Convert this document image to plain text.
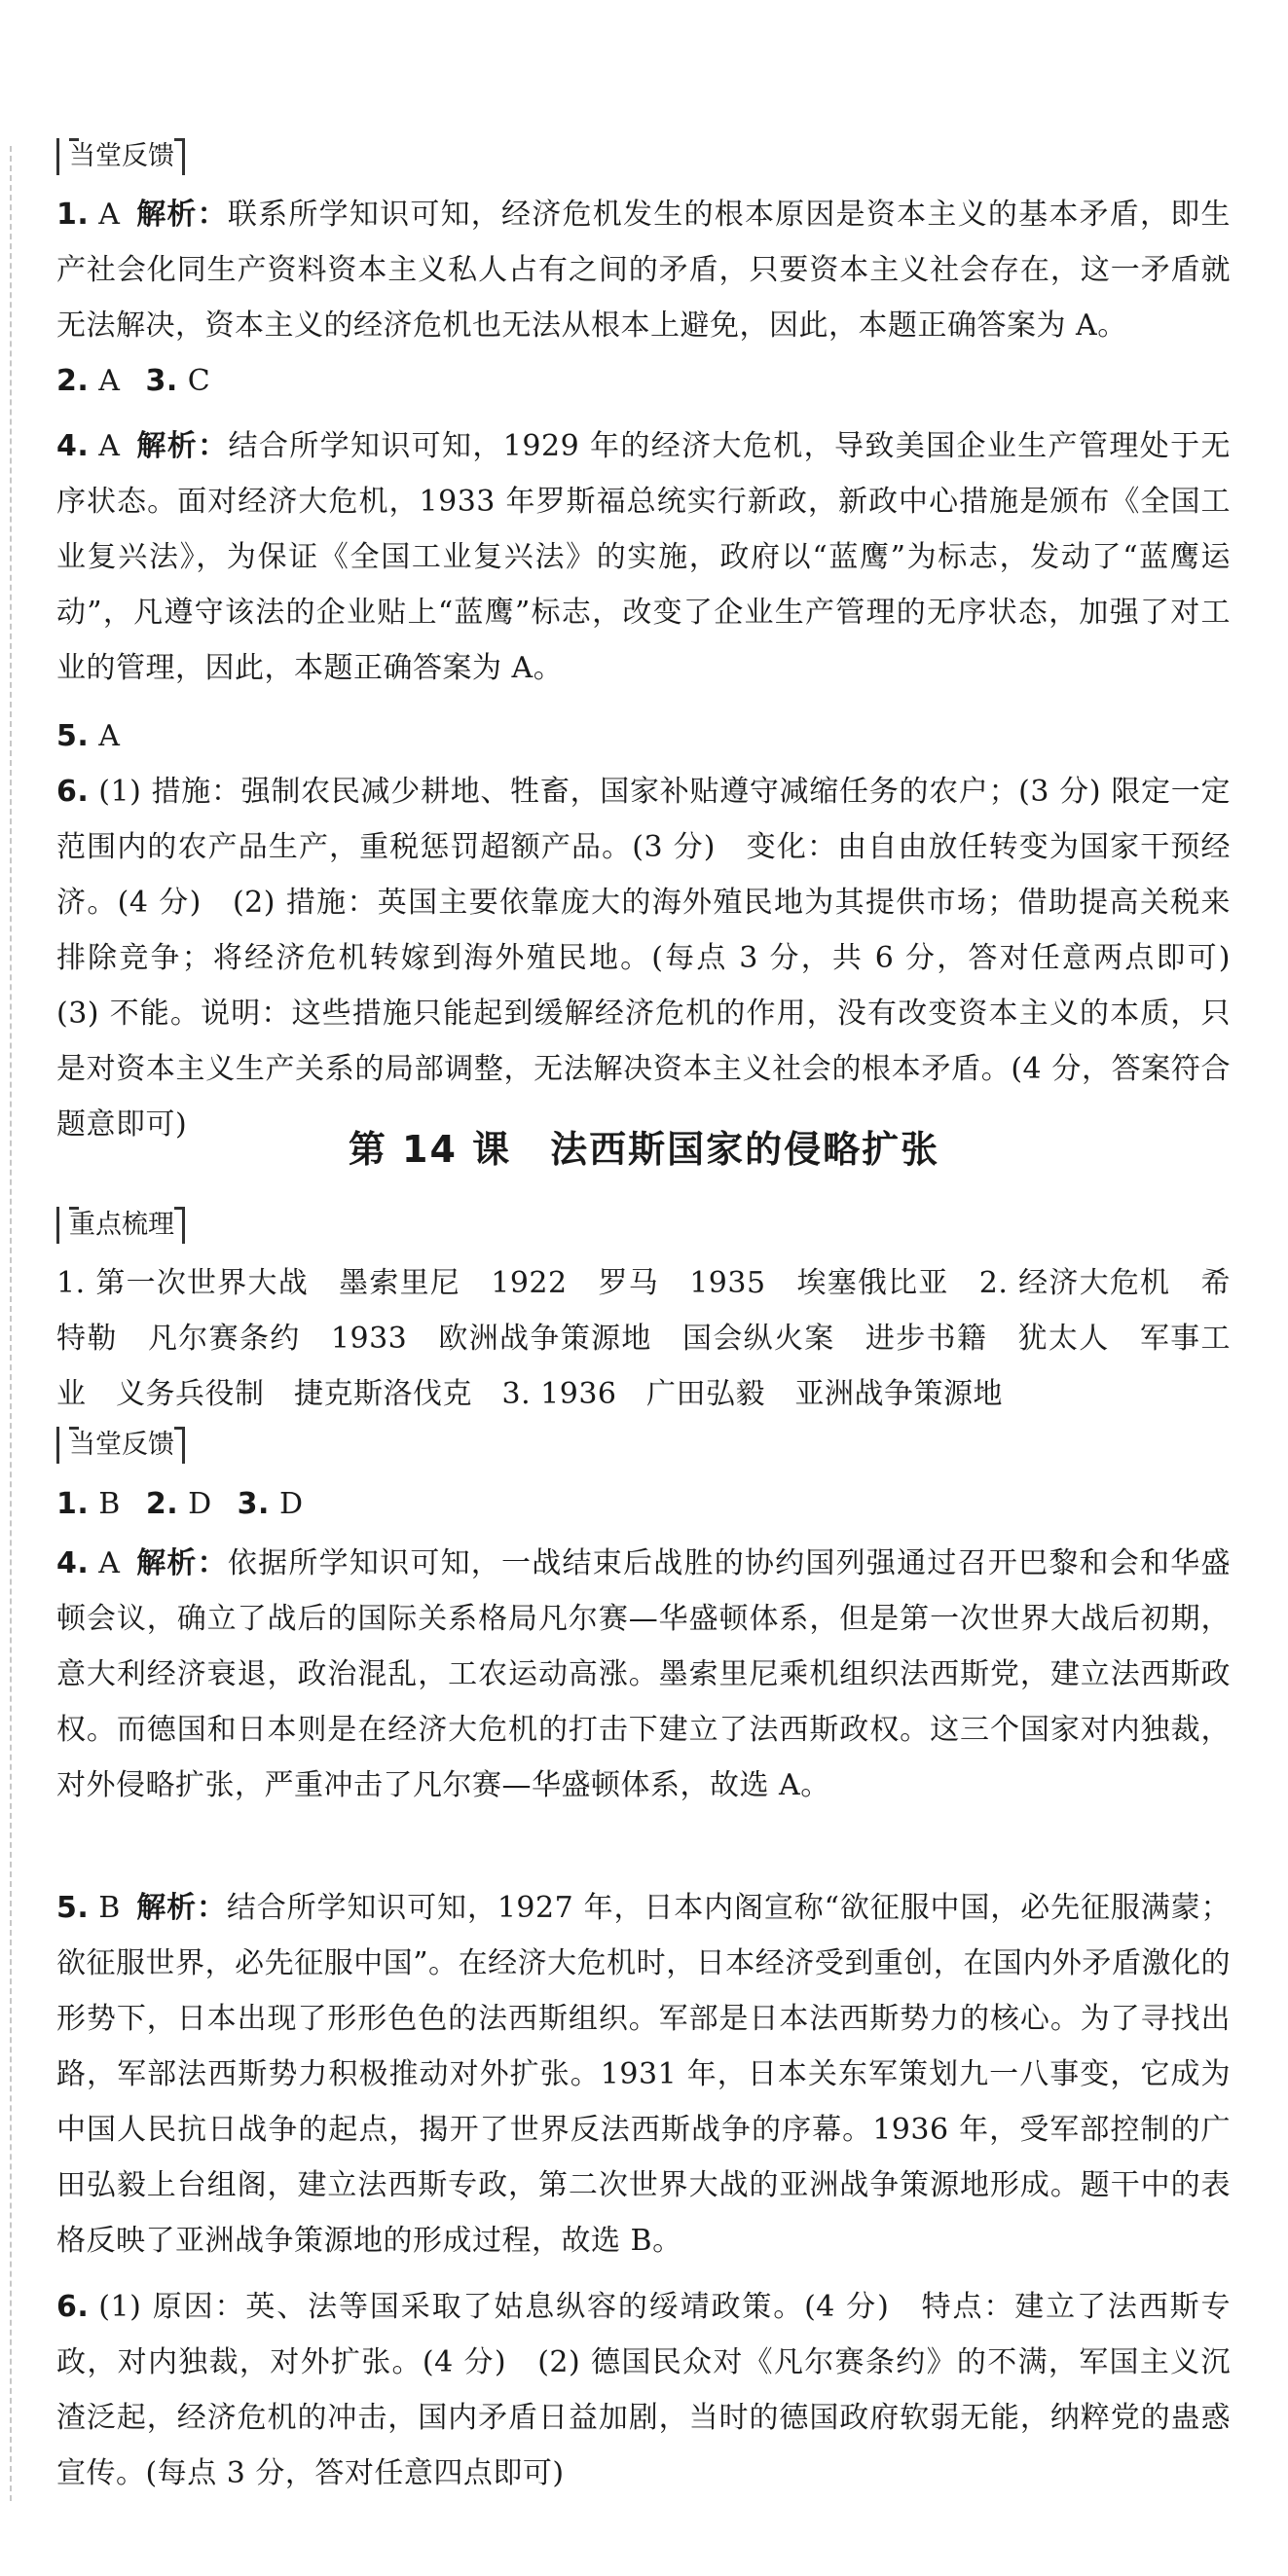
当堂反馈
1. A 解析：联系所学知识可知，经济危机发生的根本原因是资本主义的基本矛盾，即生产社会化同生产资料资本主义私人占有之间的矛盾，只要资本主义社会存在，这一矛盾就无法解决，资本主义的经济危机也无法从根本上避免，因此，本题正确答案为 A。
2. A 3. C
4. A 解析：结合所学知识可知，1929 年的经济大危机，导致美国企业生产管理处于无序状态。面对经济大危机，1933 年罗斯福总统实行新政，新政中心措施是颁布《全国工业复兴法》，为保证《全国工业复兴法》的实施，政府以“蓝鹰”为标志，发动了“蓝鹰运动”，凡遵守该法的企业贴上“蓝鹰”标志，改变了企业生产管理的无序状态，加强了对工业的管理，因此，本题正确答案为 A。
5. A
6. (1) 措施：强制农民减少耕地、牲畜，国家补贴遵守减缩任务的农户；(3 分) 限定一定范围内的农产品生产，重税惩罚超额产品。(3 分)　变化：由自由放任转变为国家干预经济。(4 分)　(2) 措施：英国主要依靠庞大的海外殖民地为其提供市场；借助提高关税来排除竞争；将经济危机转嫁到海外殖民地。(每点 3 分，共 6 分，答对任意两点即可)　(3) 不能。说明：这些措施只能起到缓解经济危机的作用，没有改变资本主义的本质，只是对资本主义生产关系的局部调整，无法解决资本主义社会的根本矛盾。(4 分，答案符合题意即可)
第 14 课　法西斯国家的侵略扩张
重点梳理
1. 第一次世界大战　墨索里尼　1922　罗马　1935　埃塞俄比亚　2. 经济大危机　希特勒　凡尔赛条约　1933　欧洲战争策源地　国会纵火案　进步书籍　犹太人　军事工业　义务兵役制　捷克斯洛伐克　3. 1936　广田弘毅　亚洲战争策源地
当堂反馈
1. B 2. D 3. D
4. A 解析：依据所学知识可知，一战结束后战胜的协约国列强通过召开巴黎和会和华盛顿会议，确立了战后的国际关系格局凡尔赛—华盛顿体系，但是第一次世界大战后初期，意大利经济衰退，政治混乱，工农运动高涨。墨索里尼乘机组织法西斯党，建立法西斯政权。而德国和日本则是在经济大危机的打击下建立了法西斯政权。这三个国家对内独裁，对外侵略扩张，严重冲击了凡尔赛—华盛顿体系，故选 A。
5. B 解析：结合所学知识可知，1927 年，日本内阁宣称“欲征服中国，必先征服满蒙；欲征服世界，必先征服中国”。在经济大危机时，日本经济受到重创，在国内外矛盾激化的形势下，日本出现了形形色色的法西斯组织。军部是日本法西斯势力的核心。为了寻找出路，军部法西斯势力积极推动对外扩张。1931 年，日本关东军策划九一八事变，它成为中国人民抗日战争的起点，揭开了世界反法西斯战争的序幕。1936 年，受军部控制的广田弘毅上台组阁，建立法西斯专政，第二次世界大战的亚洲战争策源地形成。题干中的表格反映了亚洲战争策源地的形成过程，故选 B。
6. (1) 原因：英、法等国采取了姑息纵容的绥靖政策。(4 分)　特点：建立了法西斯专政，对内独裁，对外扩张。(4 分)　(2) 德国民众对《凡尔赛条约》的不满，军国主义沉渣泛起，经济危机的冲击，国内矛盾日益加剧，当时的德国政府软弱无能，纳粹党的蛊惑宣传。(每点 3 分，答对任意四点即可)
